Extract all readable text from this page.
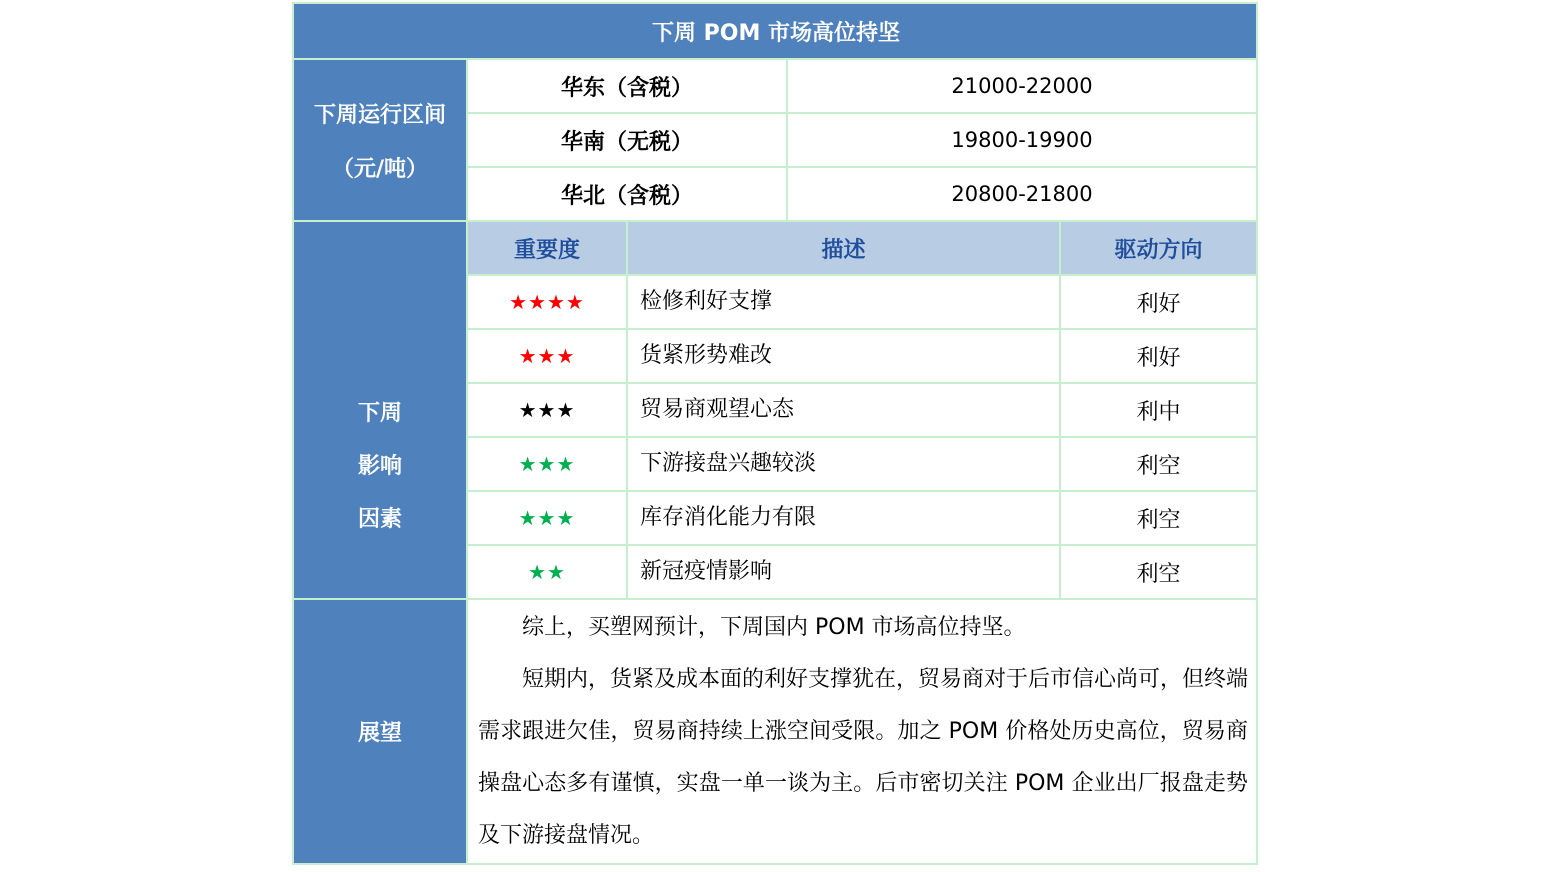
下周 POM 市场高位持坚
下周运行区间
（元/吨）
华东（含税）	21000-22000
华南（无税）	19800-19900
华北（含税）	20800-21800
下周
影响
因素
重要度	描述	驱动方向
★★★★	检修利好支撑	利好
★★★	货紧形势难改	利好
★★★	贸易商观望心态	利中
★★★	下游接盘兴趣较淡	利空
★★★	库存消化能力有限	利空
★★	新冠疫情影响	利空
展望

综上，买塑网预计，下周国内 POM 市场高位持坚。

短期内，货紧及成本面的利好支撑犹在，贸易商对于后市信心尚可，但终端需求跟进欠佳，贸易商持续上涨空间受限。加之 POM 价格处历史高位，贸易商操盘心态多有谨慎，实盘一单一谈为主。后市密切关注 POM 企业出厂报盘走势及下游接盘情况。
